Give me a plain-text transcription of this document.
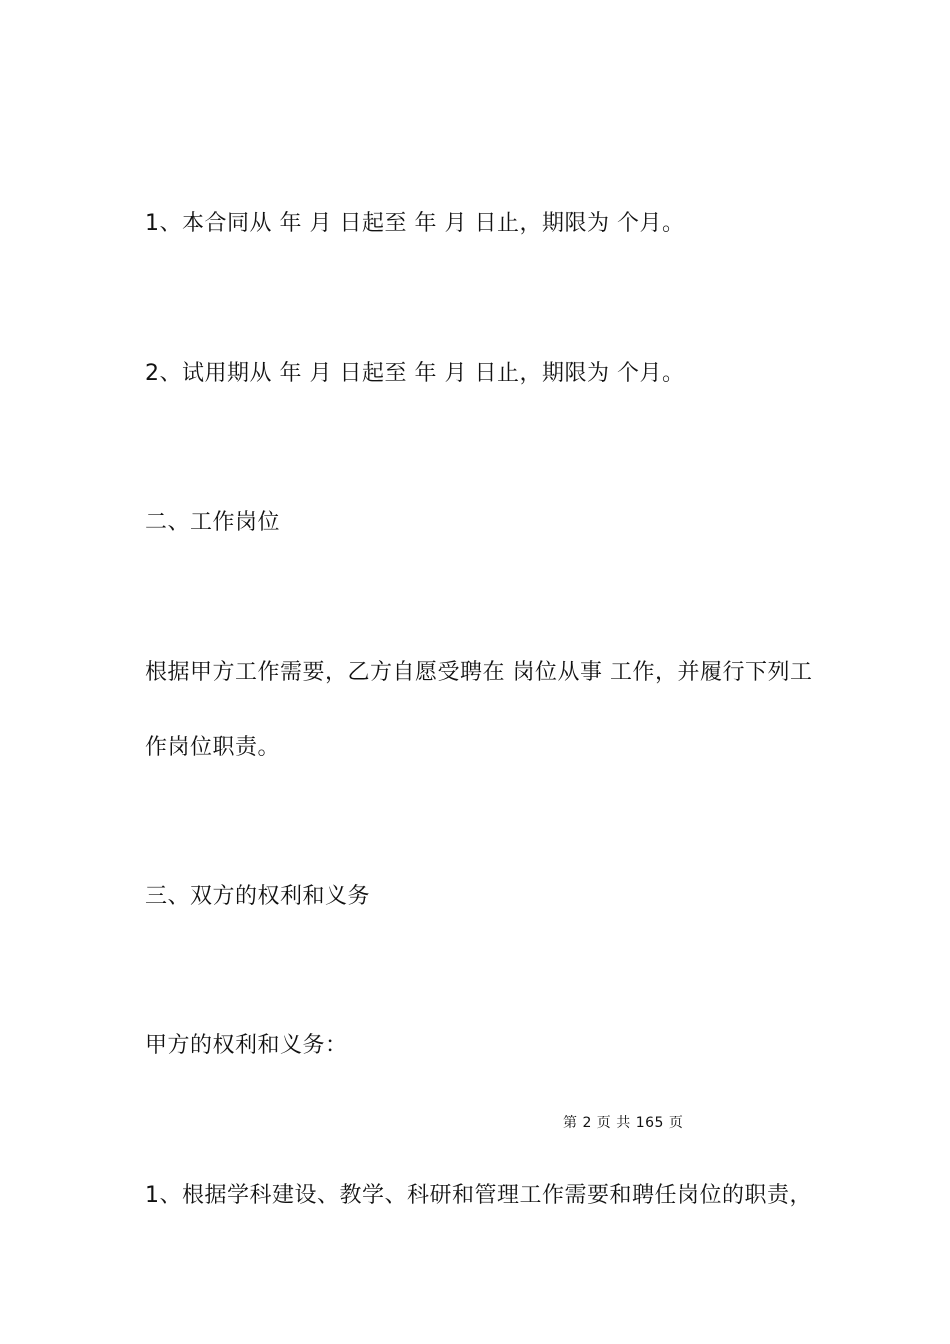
1、本合同从 年 月 日起至 年 月 日止，期限为 个月。
2、试用期从 年 月 日起至 年 月 日止，期限为 个月。
二、工作岗位
根据甲方工作需要，乙方自愿受聘在 岗位从事 工作，并履行下列工
作岗位职责。
三、双方的权利和义务
甲方的权利和义务：
第 2 页 共 165 页
1、根据学科建设、教学、科研和管理工作需要和聘任岗位的职责，
